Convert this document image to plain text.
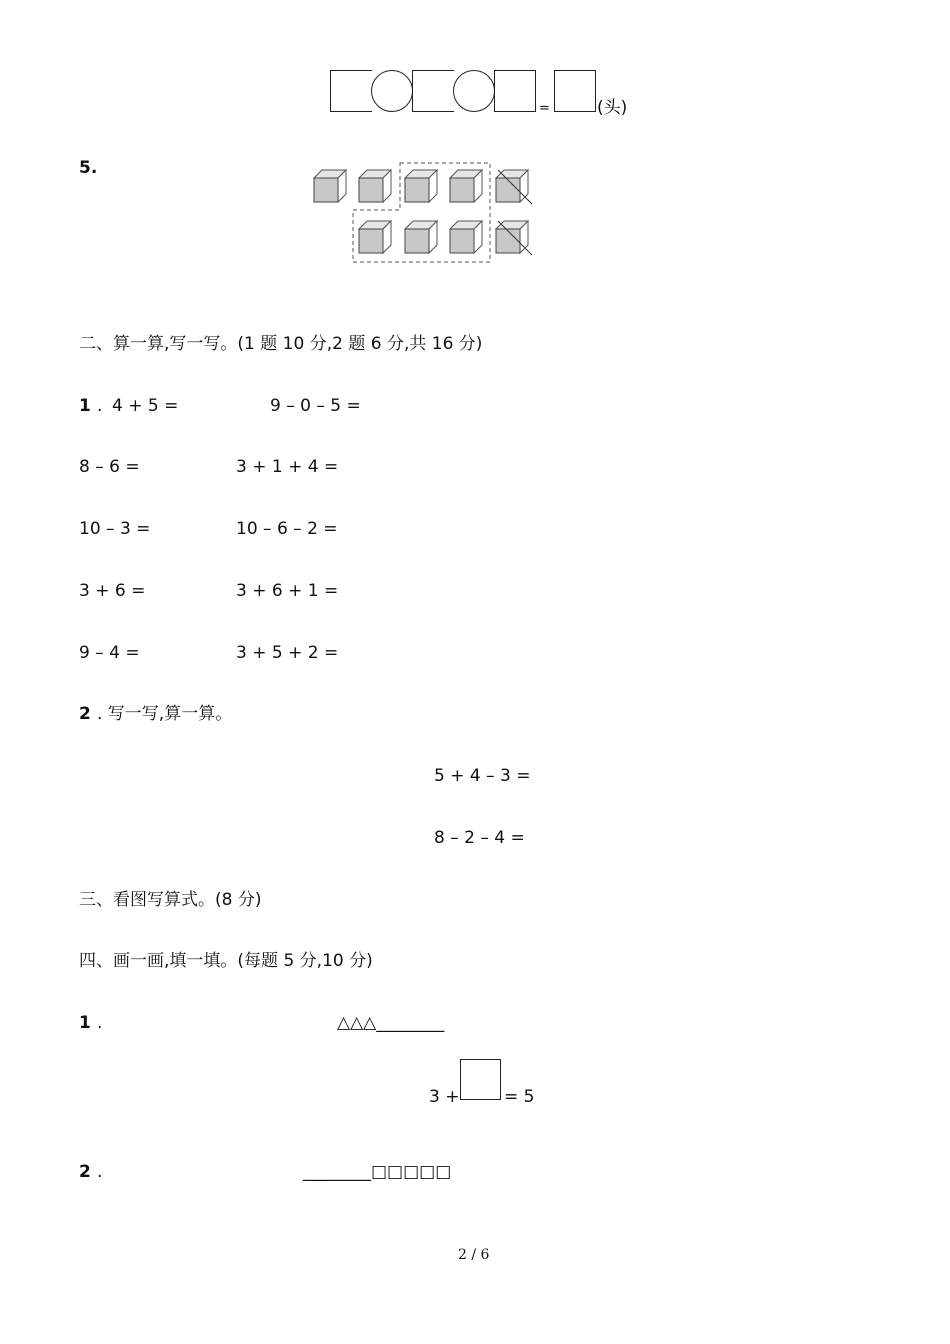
=	(头)
5.
二、算一算,写一写。(1 题 10 分,2 题 6 分,共 16 分)
1 . 4 + 5 =	9 – 0 – 5 =
8 – 6 =	3 + 1 + 4 =
10 – 3 =	10 – 6 – 2 =
3 + 6 =	3 + 6 + 1 =
9 – 4 =	3 + 5 + 2 =
2 . 写一写,算一算。
5 + 4 – 3 =
8 – 2 – 4 =
三、看图写算式。(8 分)
四、画一画,填一填。(每题 5 分,10 分)
1 .	△△△________
3 +	= 5
2 .	________□□□□□
2 / 6
